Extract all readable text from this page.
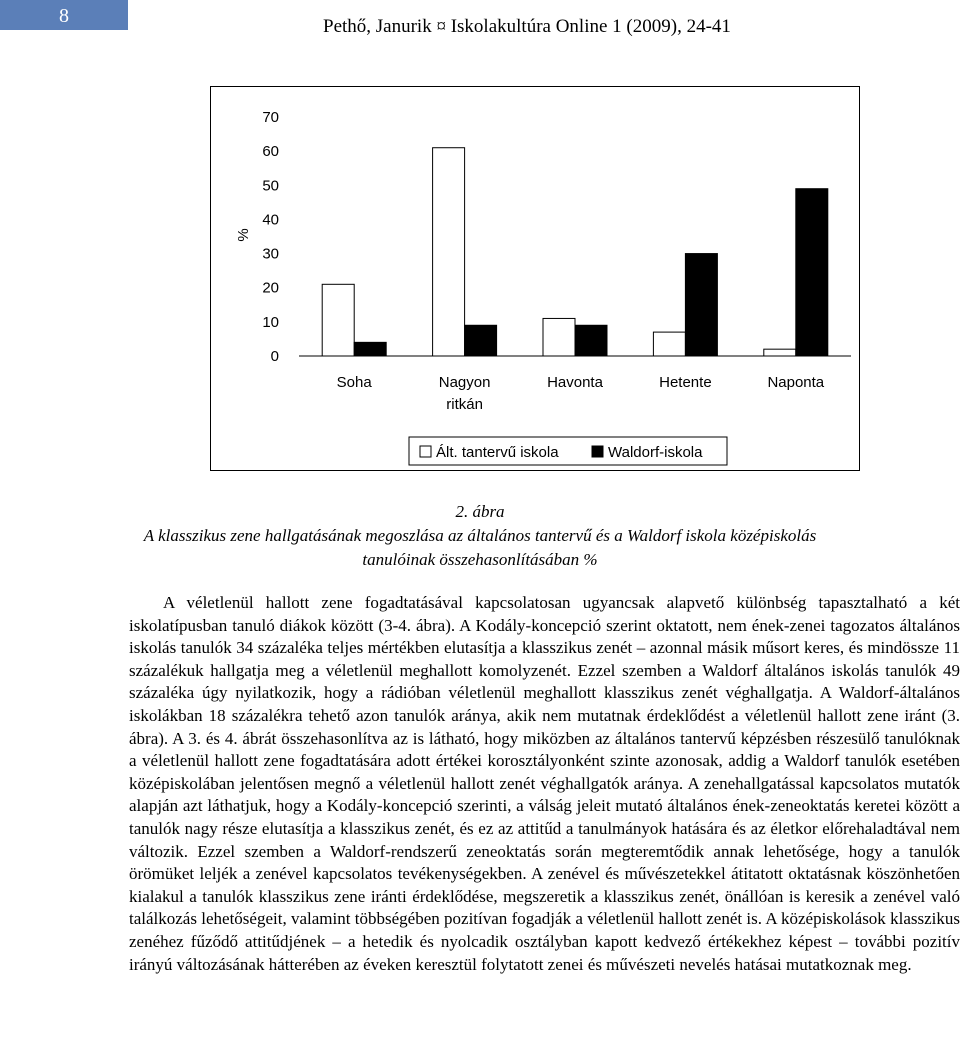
8	Pethő, Janurik ¤ Iskolakultúra Online 1 (2009), 24-41
70
60
50
40
30
20
10
0
%
Soha	Nagyon
ritkán
Havonta	Hetente	Naponta
Ált. tantervű iskola	Waldorf-iskola
2. ábra
A klasszikus zene hallgatásának megoszlása az általános tantervű és a Waldorf iskola középiskolás
tanulóinak összehasonlításában %

A véletlenül hallott zene fogadtatásával kapcsolatosan ugyancsak alapvető különbség tapasztalható a két iskolatípusban tanuló diákok között (3-4. ábra). A Kodály-koncepció szerint oktatott, nem ének-zenei tagozatos általános iskolás tanulók 34 százaléka teljes mértékben elutasítja a klasszikus zenét – azonnal másik műsort keres, és mindössze 11 százalékuk hallgatja meg a véletlenül meghallott komolyzenét. Ezzel szemben a Waldorf általános iskolás tanulók 49 százaléka úgy nyilatkozik, hogy a rádióban véletlenül meghallott klasszikus zenét véghallgatja. A Waldorf-általános iskolákban 18 százalékra tehető azon tanulók aránya, akik nem mutatnak érdeklődést a véletlenül hallott zene iránt (3. ábra). A 3. és 4. ábrát összehasonlítva az is látható, hogy miközben az általános tantervű képzésben részesülő tanulóknak a véletlenül hallott zene fogadtatására adott értékei korosztályonként szinte azonosak, addig a Waldorf tanulók esetében középiskolában jelentősen megnő a véletlenül hallott zenét véghallgatók aránya. A zenehallgatással kapcsolatos mutatók alapján azt láthatjuk, hogy a Kodály-koncepció szerinti, a válság jeleit mutató általános ének-zeneoktatás keretei között a tanulók nagy része elutasítja a klasszikus zenét, és ez az attitűd a tanulmányok hatására és az életkor előrehaladtával nem változik. Ezzel szemben a Waldorf-rendszerű zeneoktatás során megteremtődik annak lehetősége, hogy a tanulók örömüket leljék a zenével kapcsolatos tevékenységekben. A zenével és művészetekkel átitatott oktatásnak köszönhetően kialakul a tanulók klasszikus zene iránti érdeklődése, megszeretik a klasszikus zenét, önállóan is keresik a zenével való találkozás lehetőségeit, valamint többségében pozitívan fogadják a véletlenül hallott zenét is. A középiskolások klasszikus zenéhez fűződő attitűdjének – a hetedik és nyolcadik osztályban kapott kedvező értékekhez képest – további pozitív irányú változásának hátterében az éveken keresztül folytatott zenei és művészeti nevelés hatásai mutatkoznak meg.
